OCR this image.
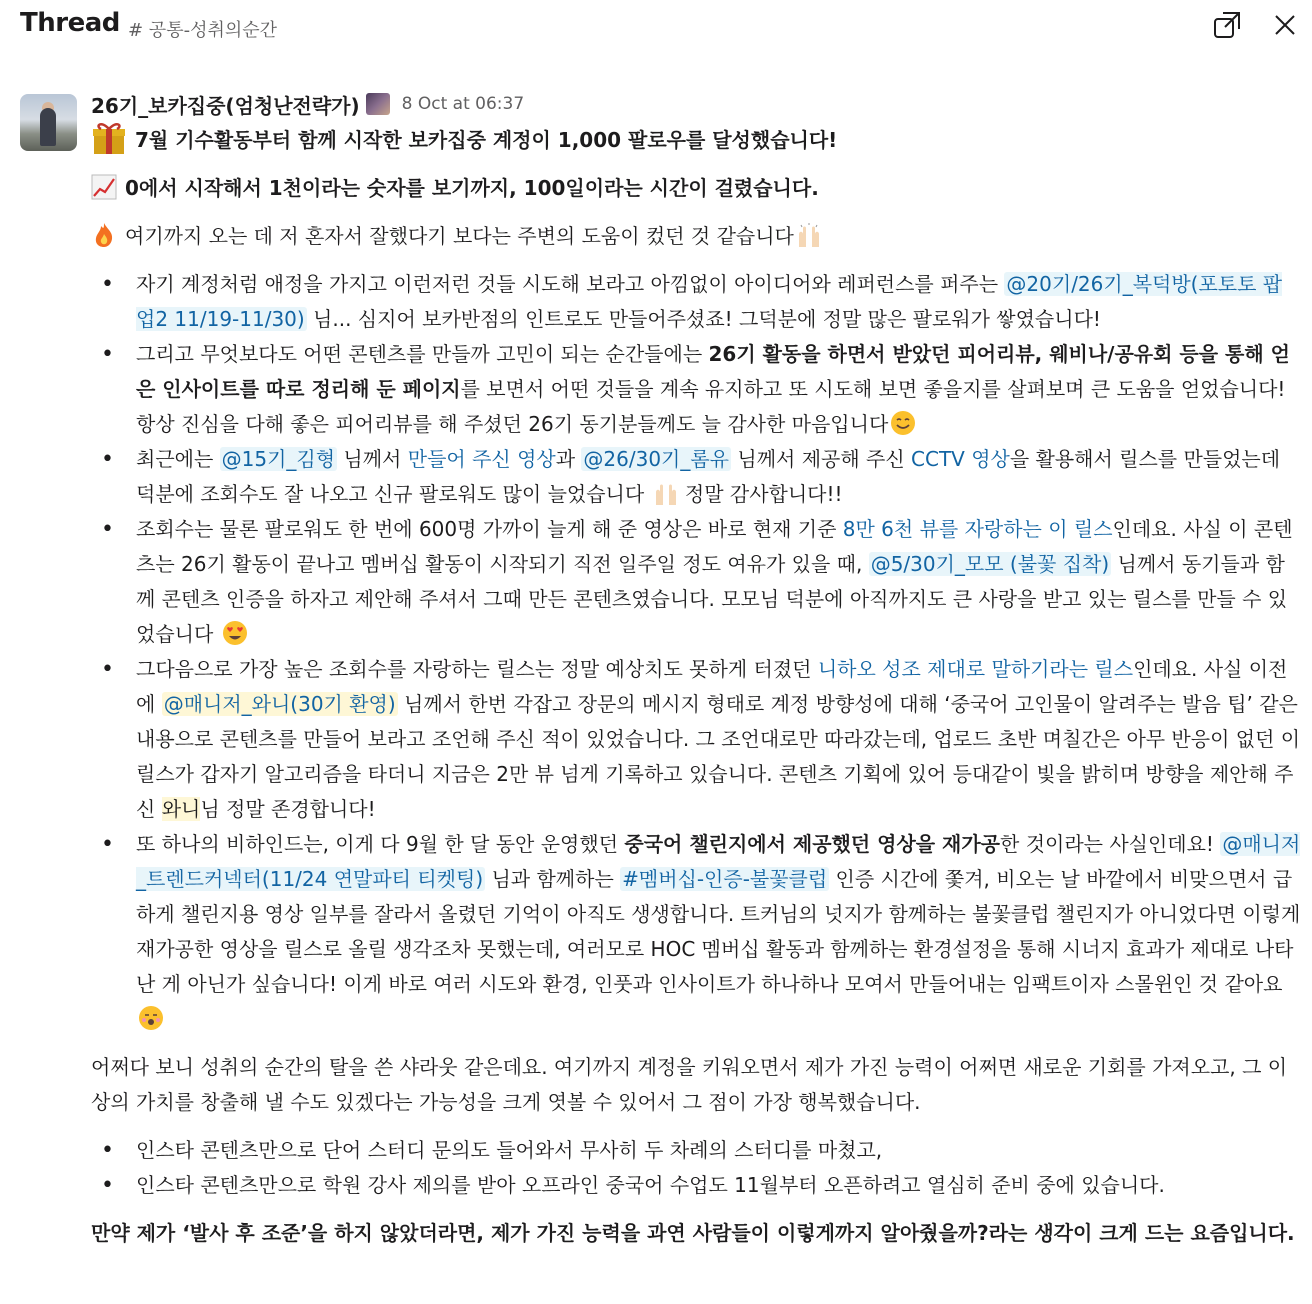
Thread # 공통-성취의순간
26기_보카집중(엄청난전략가) 8 Oct at 06:37

7월 기수활동부터 함께 시작한 보카집중 계정이 1,000 팔로우를 달성했습니다!

0에서 시작해서 1천이라는 숫자를 보기까지, 100일이라는 시간이 걸렸습니다.

여기까지 오는 데 저 혼자서 잘했다기 보다는 주변의 도움이 컸던 것 같습니다

• 자기 계정처럼 애정을 가지고 이런저런 것들 시도해 보라고 아낌없이 아이디어와 레퍼런스를 퍼주는 @20기/26기_복덕방(포토토 팝업2 11/19-11/30) 님... 심지어 보카반점의 인트로도 만들어주셨죠! 그덕분에 정말 많은 팔로워가 쌓였습니다!
• 그리고 무엇보다도 어떤 콘텐츠를 만들까 고민이 되는 순간들에는 26기 활동을 하면서 받았던 피어리뷰, 웨비나/공유회 등을 통해 얻은 인사이트를 따로 정리해 둔 페이지를 보면서 어떤 것들을 계속 유지하고 또 시도해 보면 좋을지를 살펴보며 큰 도움을 얻었습니다! 항상 진심을 다해 좋은 피어리뷰를 해 주셨던 26기 동기분들께도 늘 감사한 마음입니다
• 최근에는 @15기_김형 님께서 만들어 주신 영상과 @26/30기_롬유 님께서 제공해 주신 CCTV 영상을 활용해서 릴스를 만들었는데 덕분에 조회수도 잘 나오고 신규 팔로워도 많이 늘었습니다  정말 감사합니다!!
• 조회수는 물론 팔로워도 한 번에 600명 가까이 늘게 해 준 영상은 바로 현재 기준 8만 6천 뷰를 자랑하는 이 릴스인데요. 사실 이 콘텐츠는 26기 활동이 끝나고 멤버십 활동이 시작되기 직전 일주일 정도 여유가 있을 때, @5/30기_모모 (불꽃 집착) 님께서 동기들과 함께 콘텐츠 인증을 하자고 제안해 주셔서 그때 만든 콘텐츠였습니다. 모모님 덕분에 아직까지도 큰 사랑을 받고 있는 릴스를 만들 수 있었습니다
• 그다음으로 가장 높은 조회수를 자랑하는 릴스는 정말 예상치도 못하게 터졌던 니하오 성조 제대로 말하기라는 릴스인데요. 사실 이전에 @매니저_와니(30기 환영) 님께서 한번 각잡고 장문의 메시지 형태로 계정 방향성에 대해 ‘중국어 고인물이 알려주는 발음 팁’ 같은 내용으로 콘텐츠를 만들어 보라고 조언해 주신 적이 있었습니다. 그 조언대로만 따라갔는데, 업로드 초반 며칠간은 아무 반응이 없던 이 릴스가 갑자기 알고리즘을 타더니 지금은 2만 뷰 넘게 기록하고 있습니다. 콘텐츠 기획에 있어 등대같이 빛을 밝히며 방향을 제안해 주신 와니님 정말 존경합니다!
• 또 하나의 비하인드는, 이게 다 9월 한 달 동안 운영했던 중국어 챌린지에서 제공했던 영상을 재가공한 것이라는 사실인데요! @매니저_트렌드커넥터(11/24 연말파티 티켓팅) 님과 함께하는 #멤버십-인증-불꽃클럽 인증 시간에 쫓겨, 비오는 날 바깥에서 비맞으면서 급하게 챌린지용 영상 일부를 잘라서 올렸던 기억이 아직도 생생합니다. 트커님의 넛지가 함께하는 불꽃클럽 챌린지가 아니었다면 이렇게 재가공한 영상을 릴스로 올릴 생각조차 못했는데, 여러모로 HOC 멤버십 활동과 함께하는 환경설정을 통해 시너지 효과가 제대로 나타난 게 아닌가 싶습니다! 이게 바로 여러 시도와 환경, 인풋과 인사이트가 하나하나 모여서 만들어내는 임팩트이자 스몰윈인 것 같아요

어쩌다 보니 성취의 순간의 탈을 쓴 샤라웃 같은데요. 여기까지 계정을 키워오면서 제가 가진 능력이 어쩌면 새로운 기회를 가져오고, 그 이상의 가치를 창출해 낼 수도 있겠다는 가능성을 크게 엿볼 수 있어서 그 점이 가장 행복했습니다.

• 인스타 콘텐츠만으로 단어 스터디 문의도 들어와서 무사히 두 차례의 스터디를 마쳤고,
• 인스타 콘텐츠만으로 학원 강사 제의를 받아 오프라인 중국어 수업도 11월부터 오픈하려고 열심히 준비 중에 있습니다.

만약 제가 ‘발사 후 조준’을 하지 않았더라면, 제가 가진 능력을 과연 사람들이 이렇게까지 알아줬을까?라는 생각이 크게 드는 요즘입니다.
